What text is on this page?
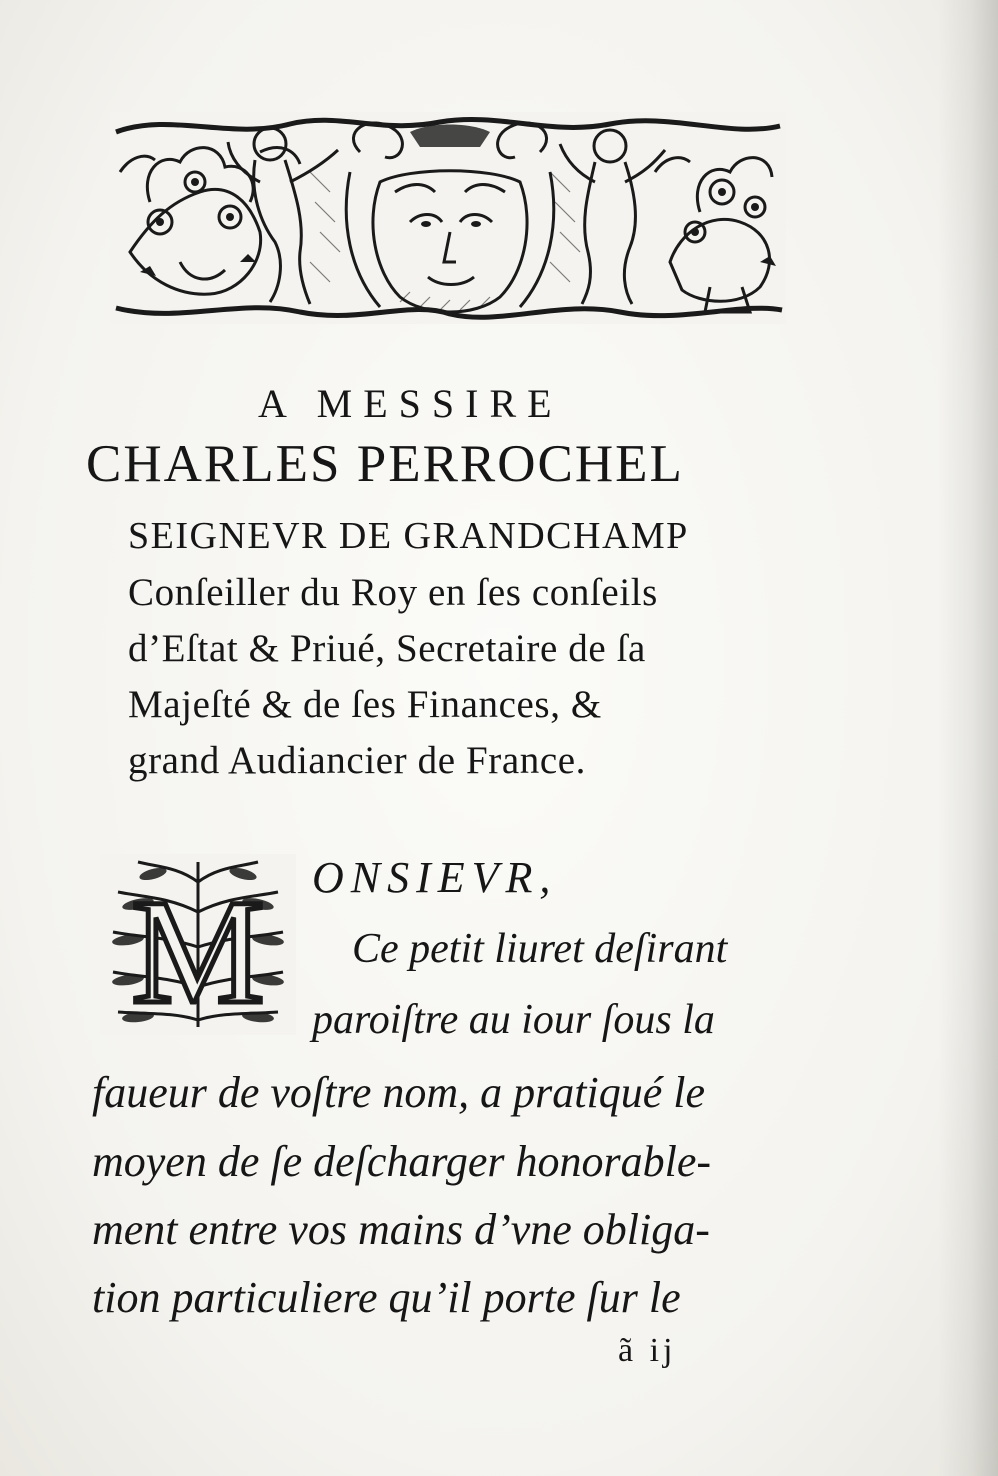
A MESSIRE

CHARLES PERROCHEL

SEIGNEVR DE GRANDCHAMP

Conſeiller du Roy en ſes conſeils

d’Eſtat & Priué, Secretaire de ſa

Majeſté & de ſes Finances, &

grand Audiancier de France.

M ONSIEVR,
Ce petit liuret deſirant
paroiſtre au iour ſous la
faueur de voſtre nom, a pratiqué le
moyen de ſe deſcharger honorable-
ment entre vos mains d’vne obliga-
tion particuliere qu’il porte ſur le
ã ij
